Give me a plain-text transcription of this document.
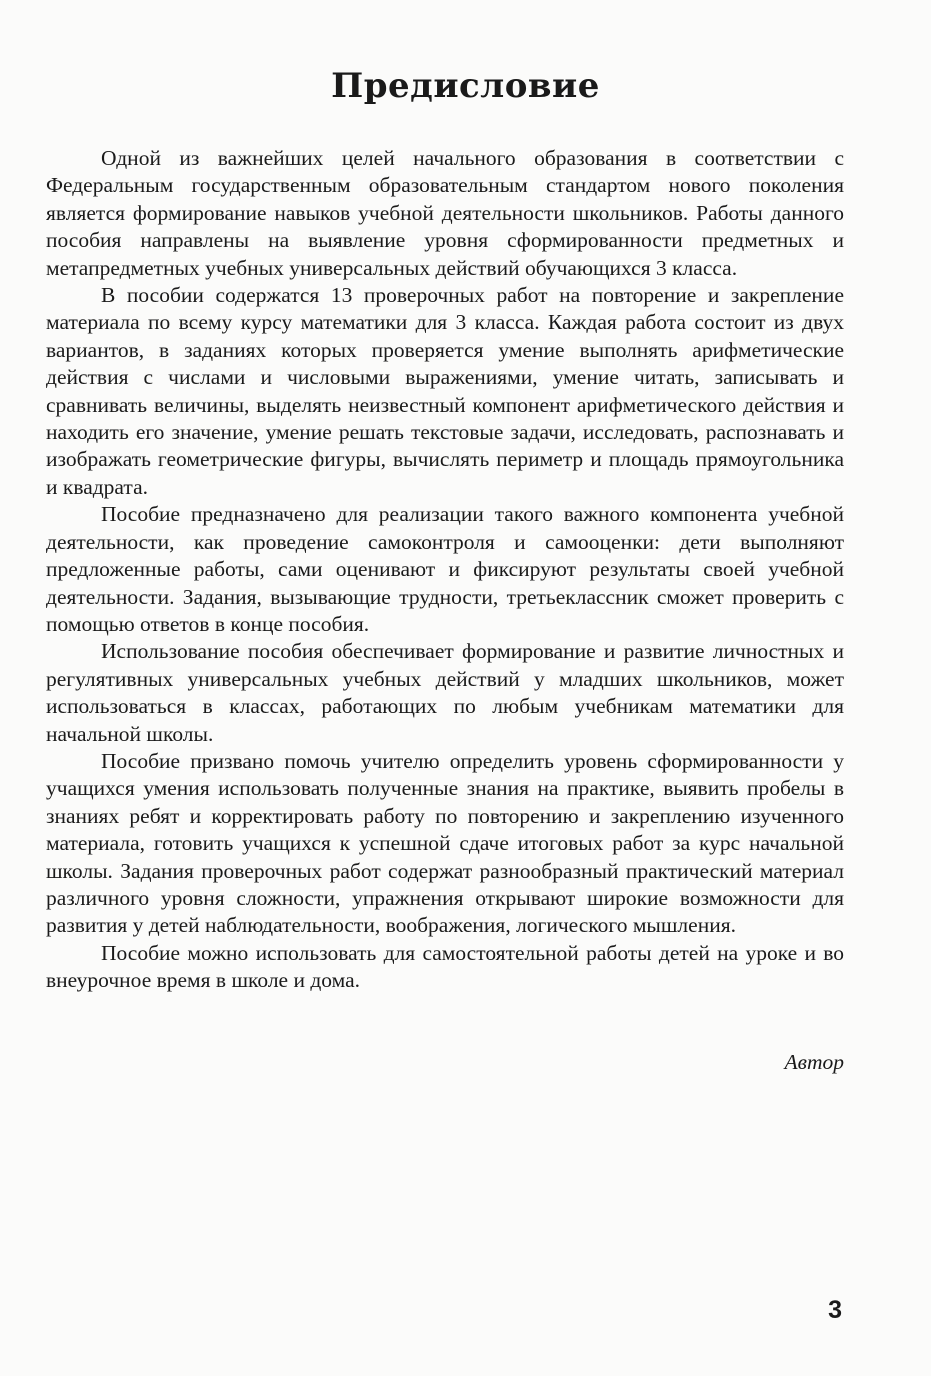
Предисловие

Одной из важнейших целей начального образования в соответствии с Федеральным государственным образовательным стандартом нового поколения является формирование навыков учебной деятельности школьников. Работы данного пособия направлены на выявление уровня сформированности предметных и метапредметных учебных универсальных действий обучающихся 3 класса.

В пособии содержатся 13 проверочных работ на повторение и закрепление материала по всему курсу математики для 3 класса. Каждая работа состоит из двух вариантов, в заданиях которых проверяется умение выполнять арифметические действия с числами и числовыми выражениями, умение читать, записывать и сравнивать величины, выделять неизвестный компонент арифметического действия и находить его значение, умение решать текстовые задачи, исследовать, распознавать и изображать геометрические фигуры, вычислять периметр и площадь прямоугольника и квадрата.

Пособие предназначено для реализации такого важного компонента учебной деятельности, как проведение самоконтроля и самооценки: дети выполняют предложенные работы, сами оценивают и фиксируют результаты своей учебной деятельности. Задания, вызывающие трудности, третьеклассник сможет проверить с помощью ответов в конце пособия.

Использование пособия обеспечивает формирование и развитие личностных и регулятивных универсальных учебных действий у младших школьников, может использоваться в классах, работающих по любым учебникам математики для начальной школы.

Пособие призвано помочь учителю определить уровень сформированности у учащихся умения использовать полученные знания на практике, выявить пробелы в знаниях ребят и корректировать работу по повторению и закреплению изученного материала, готовить учащихся к успешной сдаче итоговых работ за курс начальной школы. Задания проверочных работ содержат разнообразный практический материал различного уровня сложности, упражнения открывают широкие возможности для развития у детей наблюдательности, воображения, логического мышления.

Пособие можно использовать для самостоятельной работы детей на уроке и во внеурочное время в школе и дома.

Автор
3
